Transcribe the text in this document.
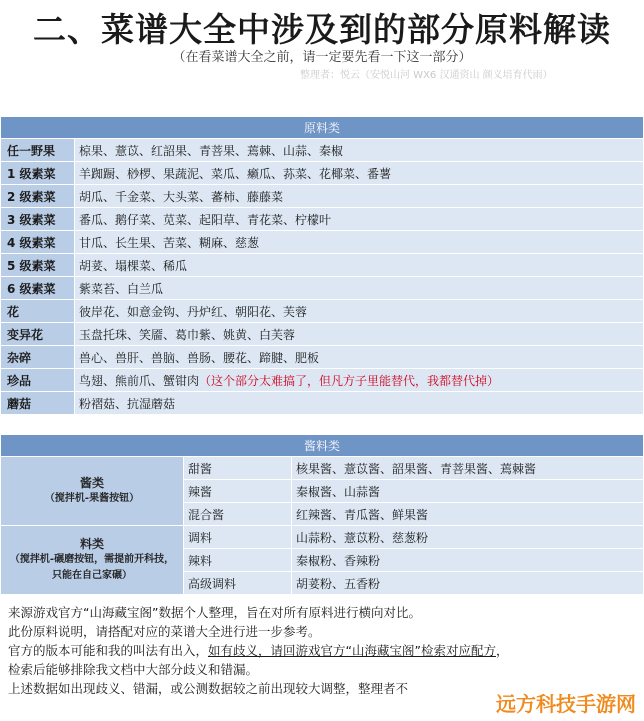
二、菜谱大全中涉及到的部分原料解读
（在看菜谱大全之前，请一定要先看一下这一部分）
整理者：悦云（安悦山河 WX6 汉通资山 颜义培育代雨）
原料类	
任一野果	椋果、薏苡、红詔果、青菩果、蔫棘、山蒜、秦椒
1 级素菜	羊踟蹰、桫椤、果蔬泥、菜瓜、癞瓜、荪菜、花椰菜、番薯
2 级素菜	胡瓜、千金菜、大头菜、蕃柿、藤藤菜
3 级素菜	番瓜、鹅仔菜、苋菜、起阳草、青花菜、柠檬叶
4 级素菜	甘瓜、长生果、苦菜、糊麻、慈葱
5 级素菜	胡荽、塌棵菜、稀瓜
6 级素菜	紫菜苔、白兰瓜
花	彼岸花、如意金钩、丹炉红、朝阳花、芙蓉
变异花	玉盘托珠、笑靥、葛巾紫、姚黄、白芙蓉
杂碎	兽心、兽肝、兽脑、兽肠、腰花、蹄腱、肥板
珍品	鸟翅、熊前爪、蟹钳肉（这个部分太难搞了，但凡方子里能替代，我都替代掉）
蘑菇	粉褶菇、抗湿蘑菇
酱料类		

酱类
（搅拌机-果酱按钮）	甜酱	核果酱、薏苡酱、韶果酱、青菩果酱、蔫棘酱
	辣酱	秦椒酱、山蒜酱
	混合酱	红辣酱、青瓜酱、鲜果酱

料类
（搅拌机-碾磨按钮，需提前开科技，只能在自己家碾）	调料	山蒜粉、薏苡粉、慈葱粉
	辣料	秦椒粉、香辣粉
	高级调料	胡荽粉、五香粉
来源游戏官方“山海藏宝阁”数据个人整理，旨在对所有原料进行横向对比。
此份原料说明，请搭配对应的菜谱大全进行进一步参考。
官方的版本可能和我的叫法有出入，如有歧义，请回游戏官方“山海藏宝阁”检索对应配方，
检索后能够排除我文档中大部分歧义和错漏。
上述数据如出现歧义、错漏，或公测数据较之前出现较大调整，整理者不
远方科技手游网
